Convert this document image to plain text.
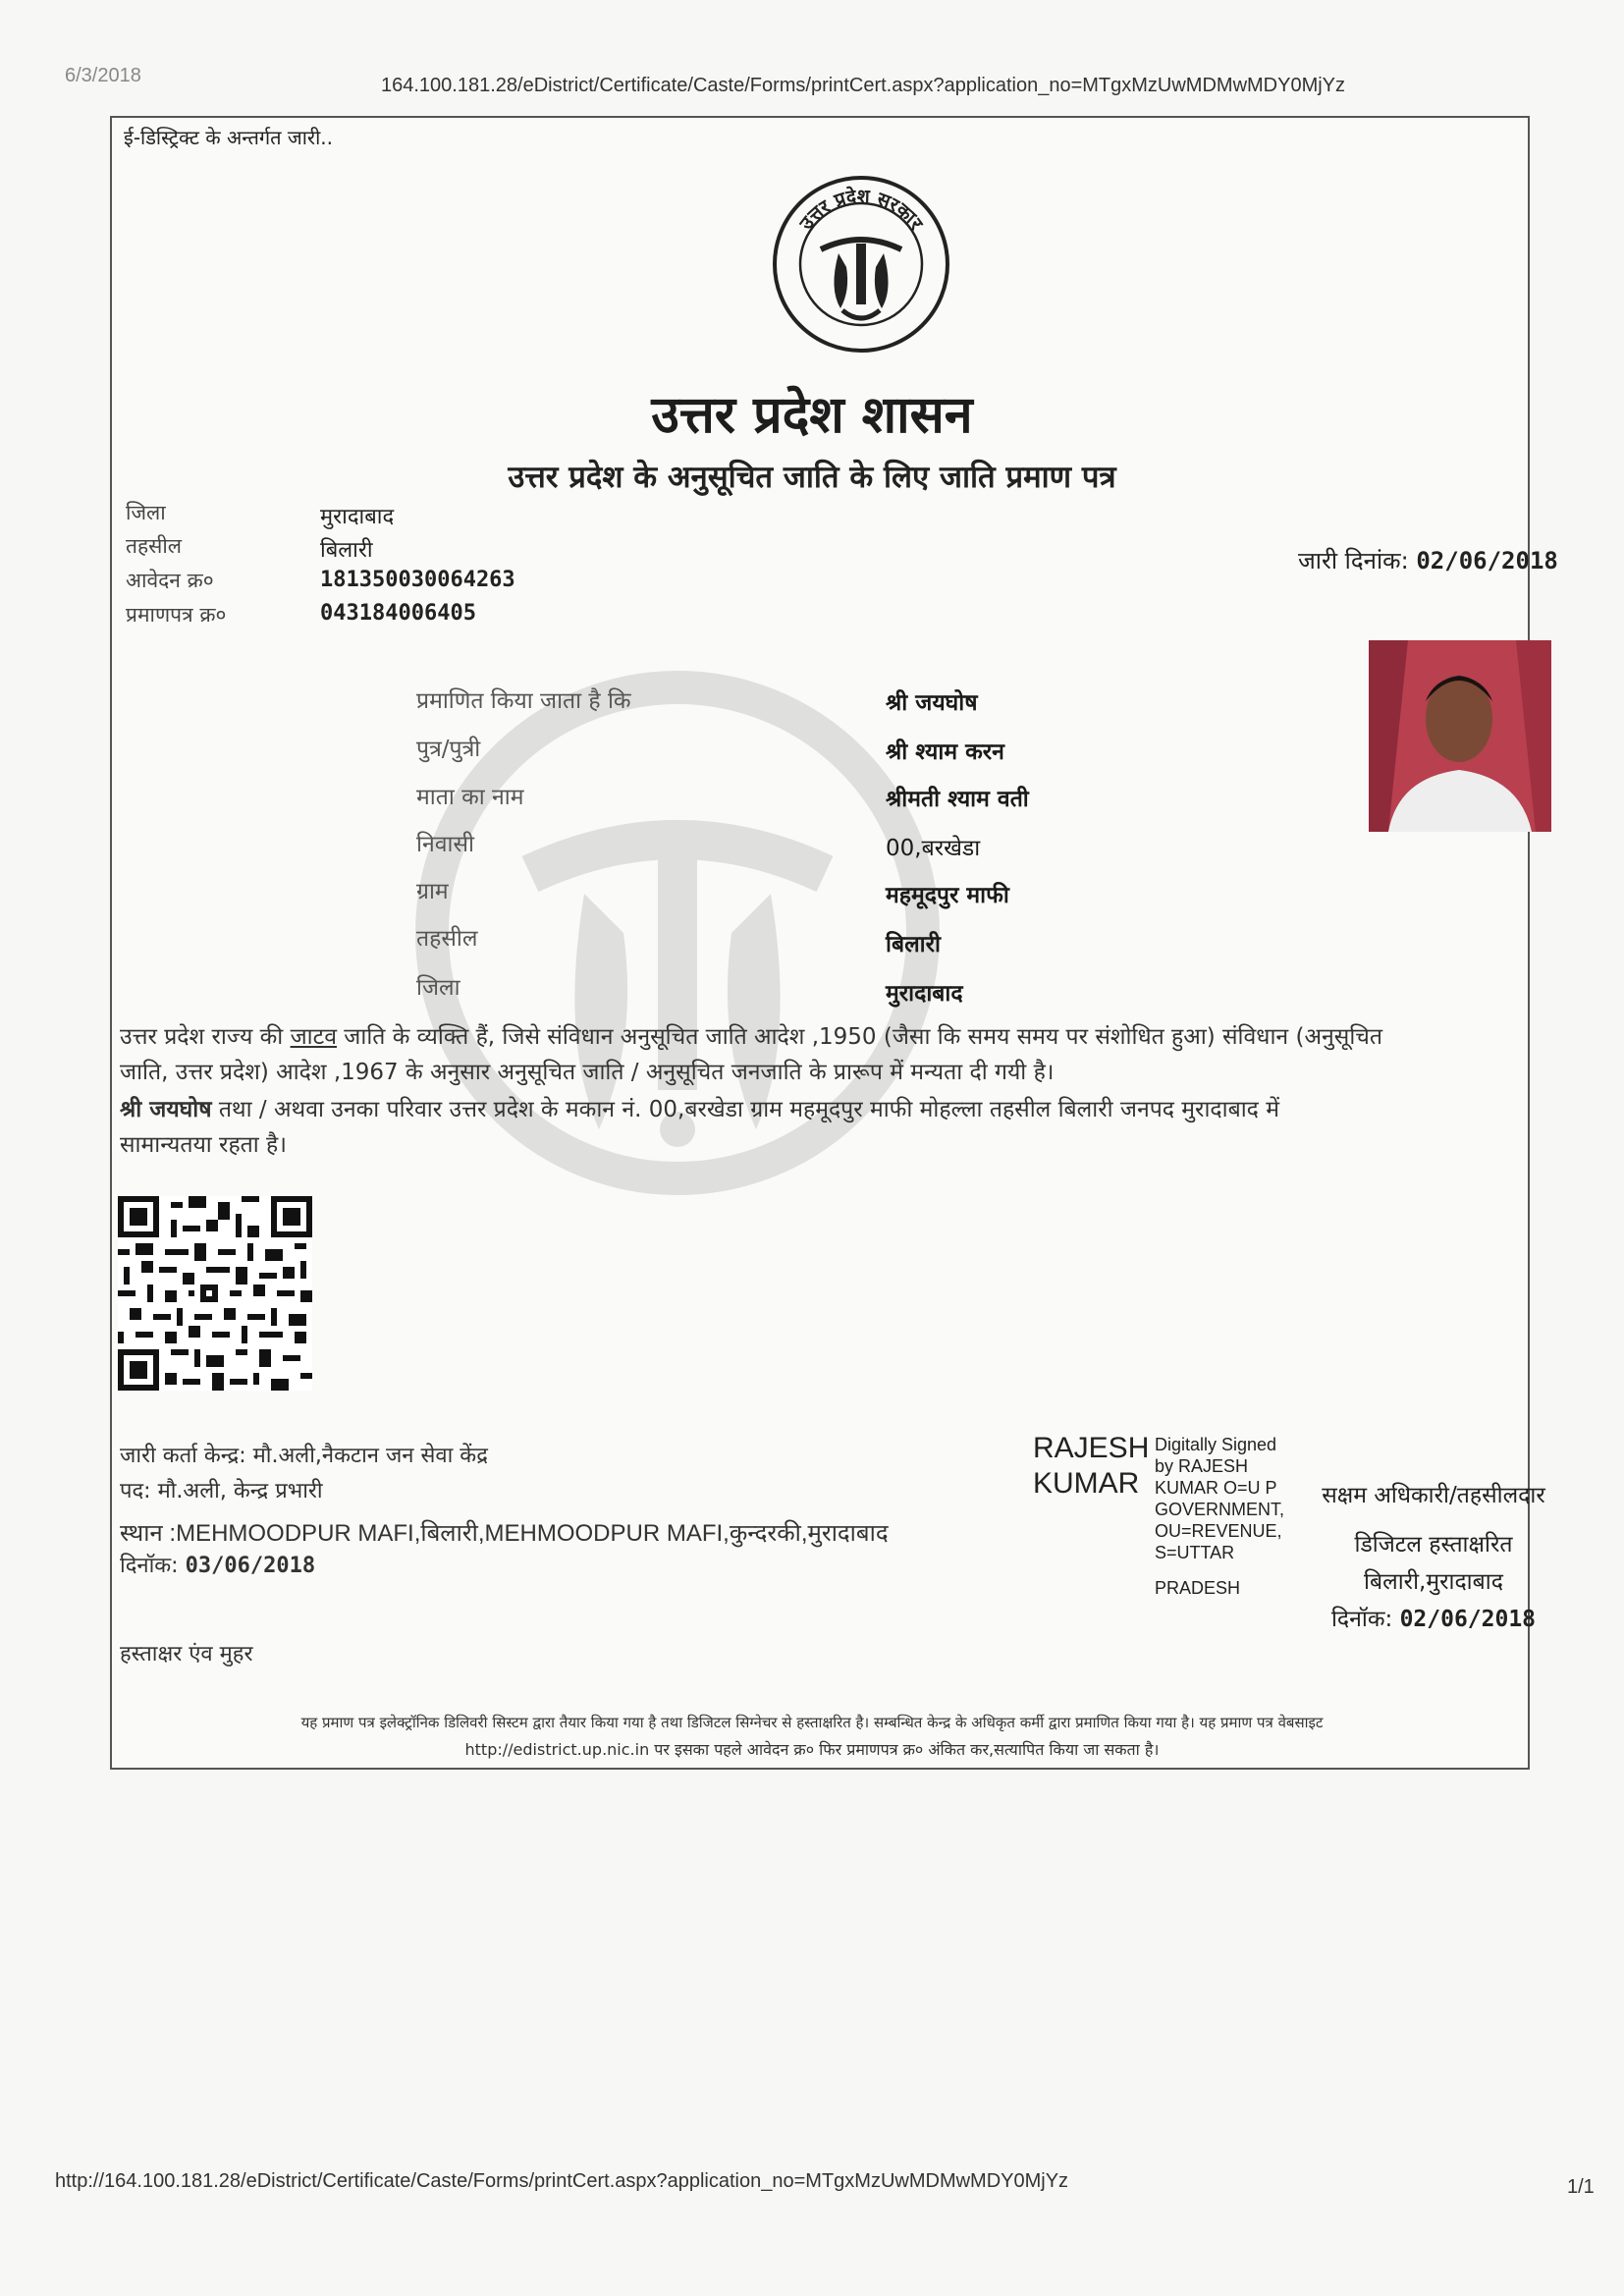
6/3/2018	164.100.181.28/eDistrict/Certificate/Caste/Forms/printCert.aspx?application_no=MTgxMzUwMDMwMDY0MjYz
ई-डिस्ट्रिक्ट के अन्तर्गत जारी..
उत्तर प्रदेश सरकार
उत्तर प्रदेश शासन
उत्तर प्रदेश के अनुसूचित जाति के लिए जाति प्रमाण पत्र
जिला	मुरादाबाद
तहसील	बिलारी
आवेदन क्र०	181350030064263
प्रमाणपत्र क्र०	043184006405
जारी दिनांक: 02/06/2018
प्रमाणित किया जाता है कि	श्री जयघोष
पुत्र/पुत्री	श्री श्याम करन
माता का नाम	श्रीमती श्याम वती
निवासी	00,बरखेडा
ग्राम	महमूदपुर माफी
तहसील	बिलारी
जिला	मुरादाबाद
उत्तर प्रदेश राज्य की जाटव जाति के व्यक्ति हैं, जिसे संविधान अनुसूचित जाति आदेश ,1950 (जैसा कि समय समय पर संशोधित हुआ) संविधान (अनुसूचित
जाति, उत्तर प्रदेश) आदेश ,1967 के अनुसार अनुसूचित जाति / अनुसूचित जनजाति के प्रारूप में मन्यता दी गयी है।
श्री जयघोष तथा / अथवा उनका परिवार उत्तर प्रदेश के मकान नं. 00,बरखेडा ग्राम महमूदपुर माफी मोहल्ला तहसील बिलारी जनपद मुरादाबाद में
सामान्यतया रहता है।
जारी कर्ता केन्द्र: मौ.अली,नैकटान जन सेवा केंद्र
पद: मौ.अली, केन्द्र प्रभारी
स्थान :MEHMOODPUR MAFI,बिलारी,MEHMOODPUR MAFI,कुन्दरकी,मुरादाबाद
दिनॉक: 03/06/2018
हस्ताक्षर एंव मुहर
RAJESH
KUMAR
Digitally Signed
by RAJESH
KUMAR O=U P
GOVERNMENT,
OU=REVENUE,
S=UTTAR
PRADESH
सक्षम अधिकारी/तहसीलदार
डिजिटल हस्ताक्षरित
बिलारी,मुरादाबाद
दिनॉक: 02/06/2018
यह प्रमाण पत्र इलेक्ट्रॉनिक डिलिवरी सिस्टम द्वारा तैयार किया गया है तथा डिजिटल सिग्नेचर से हस्ताक्षरित है। सम्बन्धित केन्द्र के अधिकृत कर्मी द्वारा प्रमाणित किया गया है। यह प्रमाण पत्र वेबसाइट
http://edistrict.up.nic.in पर इसका पहले आवेदन क्र० फिर प्रमाणपत्र क्र० अंकित कर,सत्यापित किया जा सकता है।
http://164.100.181.28/eDistrict/Certificate/Caste/Forms/printCert.aspx?application_no=MTgxMzUwMDMwMDY0MjYz	1/1
